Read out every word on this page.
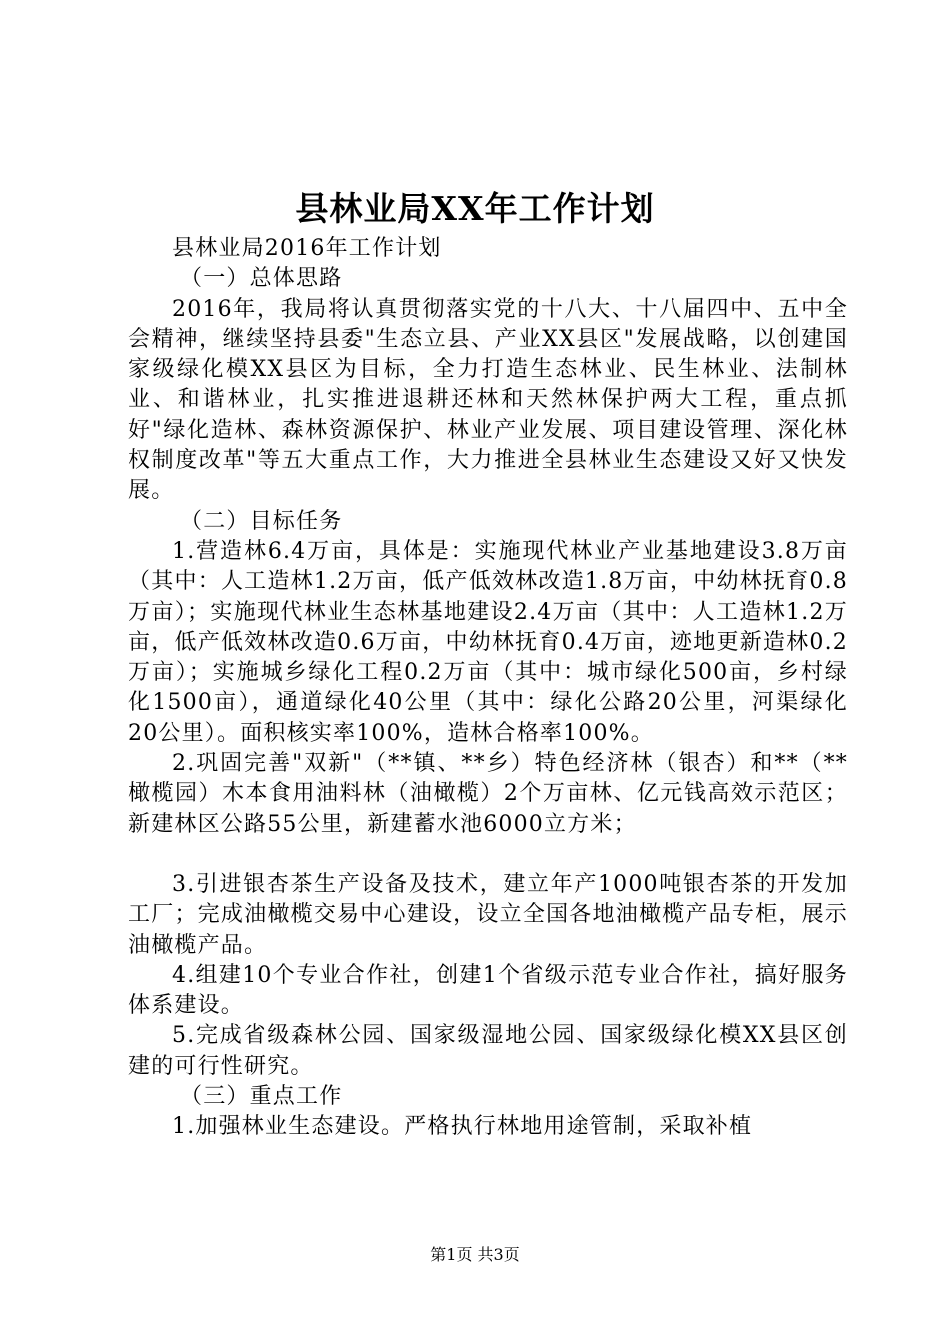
县林业局XX年工作计划

县林业局2016年工作计划

（一）总体思路

2016年，我局将认真贯彻落实党的十八大、十八届四中、五中全会精神，继续坚持县委"生态立县、产业XX县区"发展战略，以创建国家级绿化模XX县区为目标，全力打造生态林业、民生林业、法制林业、和谐林业，扎实推进退耕还林和天然林保护两大工程，重点抓好"绿化造林、森林资源保护、林业产业发展、项目建设管理、深化林权制度改革"等五大重点工作，大力推进全县林业生态建设又好又快发展。

（二）目标任务

1.营造林6.4万亩，具体是：实施现代林业产业基地建设3.8万亩（其中：人工造林1.2万亩，低产低效林改造1.8万亩，中幼林抚育0.8万亩）；实施现代林业生态林基地建设2.4万亩（其中：人工造林1.2万亩，低产低效林改造0.6万亩，中幼林抚育0.4万亩，迹地更新造林0.2万亩）；实施城乡绿化工程0.2万亩（其中：城市绿化500亩，乡村绿化1500亩），通道绿化40公里（其中：绿化公路20公里，河渠绿化20公里）。面积核实率100%，造林合格率100%。

2.巩固完善"双新"（**镇、**乡）特色经济林（银杏）和**（**橄榄园）木本食用油料林（油橄榄）2个万亩林、亿元钱高效示范区；新建林区公路55公里，新建蓄水池6000立方米；

3.引进银杏茶生产设备及技术，建立年产1000吨银杏茶的开发加工厂；完成油橄榄交易中心建设，设立全国各地油橄榄产品专柜，展示油橄榄产品。

4.组建10个专业合作社，创建1个省级示范专业合作社，搞好服务体系建设。

5.完成省级森林公园、国家级湿地公园、国家级绿化模XX县区创建的可行性研究。

（三）重点工作

1.加强林业生态建设。严格执行林地用途管制，采取补植

第1页 共3页
